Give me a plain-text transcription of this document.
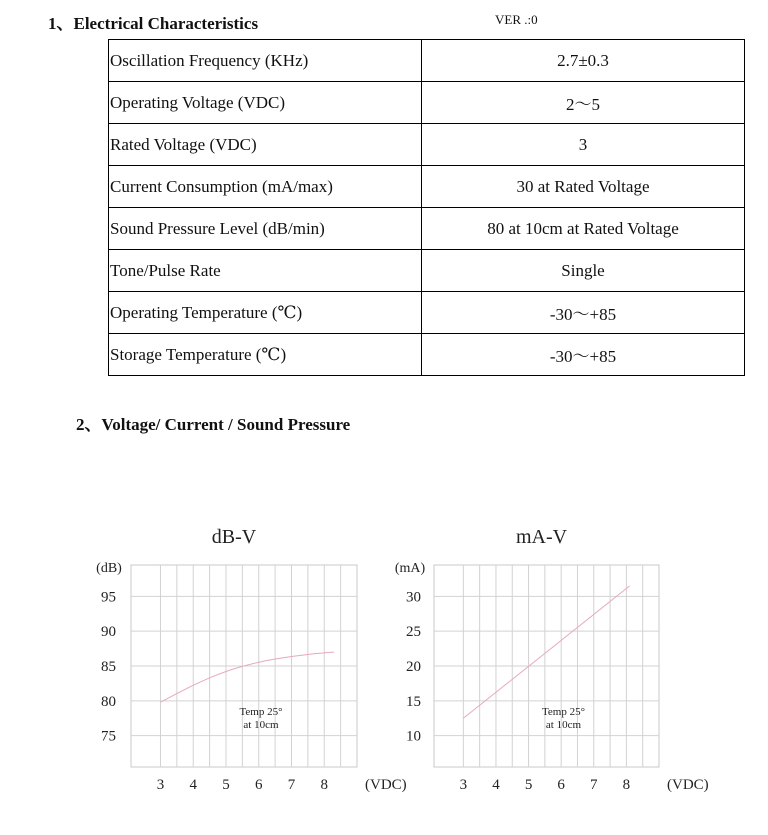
1、Electrical Characteristics	VER .:0
Oscillation Frequency (KHz)	2.7±0.3
Operating Voltage (VDC)	2～5
Rated Voltage (VDC)	3
Current Consumption (mA/max)	30 at Rated Voltage
Sound Pressure Level (dB/min)	80 at 10cm at Rated Voltage
Tone/Pulse Rate	Single
Operating Temperature (℃)	-30～+85
Storage Temperature (℃)	-30～+85
2、Voltage/ Current / Sound Pressure
dB-V
(dB)
95
90
85
80
75
3 4 5 6 7 8 (VDC)
Temp 25°
at 10cm
mA-V
(mA)
30
25
20
15
10
3 4 5 6 7 8 (VDC)
Temp 25°
at 10cm
